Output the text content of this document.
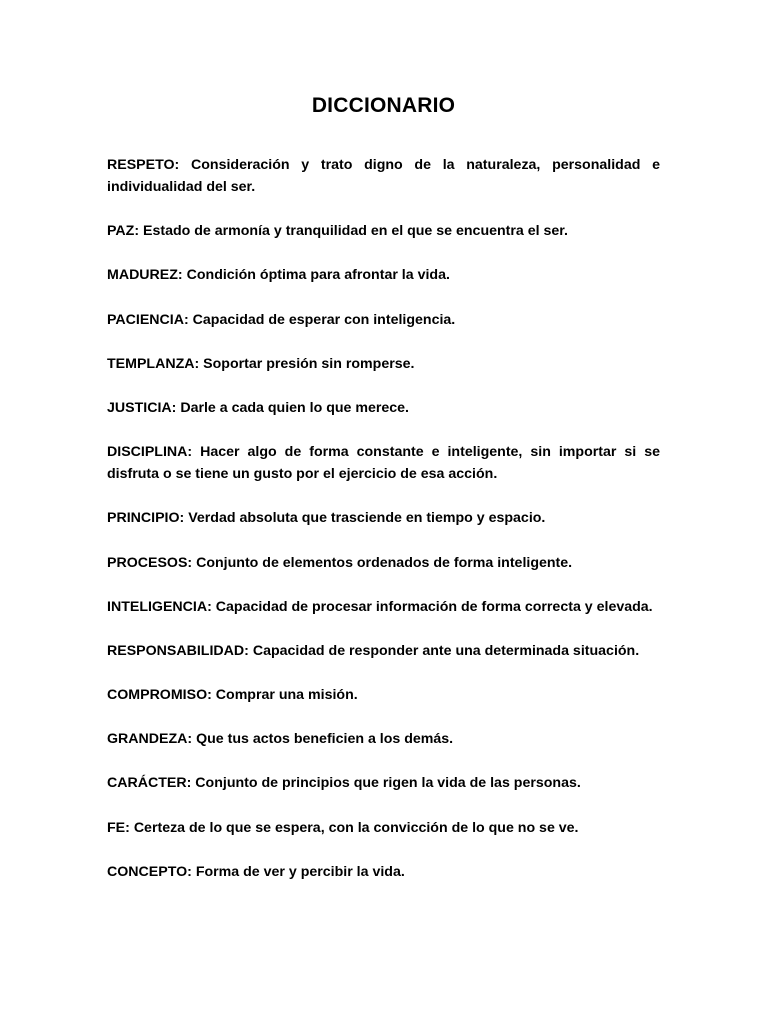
DICCIONARIO
RESPETO: Consideración y trato digno de la naturaleza, personalidad e individualidad del ser.
PAZ: Estado de armonía y tranquilidad en el que se encuentra el ser.
MADUREZ: Condición óptima para afrontar la vida.
PACIENCIA: Capacidad de esperar con inteligencia.
TEMPLANZA: Soportar presión sin romperse.
JUSTICIA: Darle a cada quien lo que merece.
DISCIPLINA: Hacer algo de forma constante e inteligente, sin importar si se disfruta o se tiene un gusto por el ejercicio de esa acción.
PRINCIPIO: Verdad absoluta que trasciende en tiempo y espacio.
PROCESOS: Conjunto de elementos ordenados de forma inteligente.
INTELIGENCIA: Capacidad de procesar información de forma correcta y elevada.
RESPONSABILIDAD: Capacidad de responder ante una determinada situación.
COMPROMISO: Comprar una misión.
GRANDEZA: Que tus actos beneficien a los demás.
CARÁCTER: Conjunto de principios que rigen la vida de las personas.
FE: Certeza de lo que se espera, con la convicción de lo que no se ve.
CONCEPTO: Forma de ver y percibir la vida.
